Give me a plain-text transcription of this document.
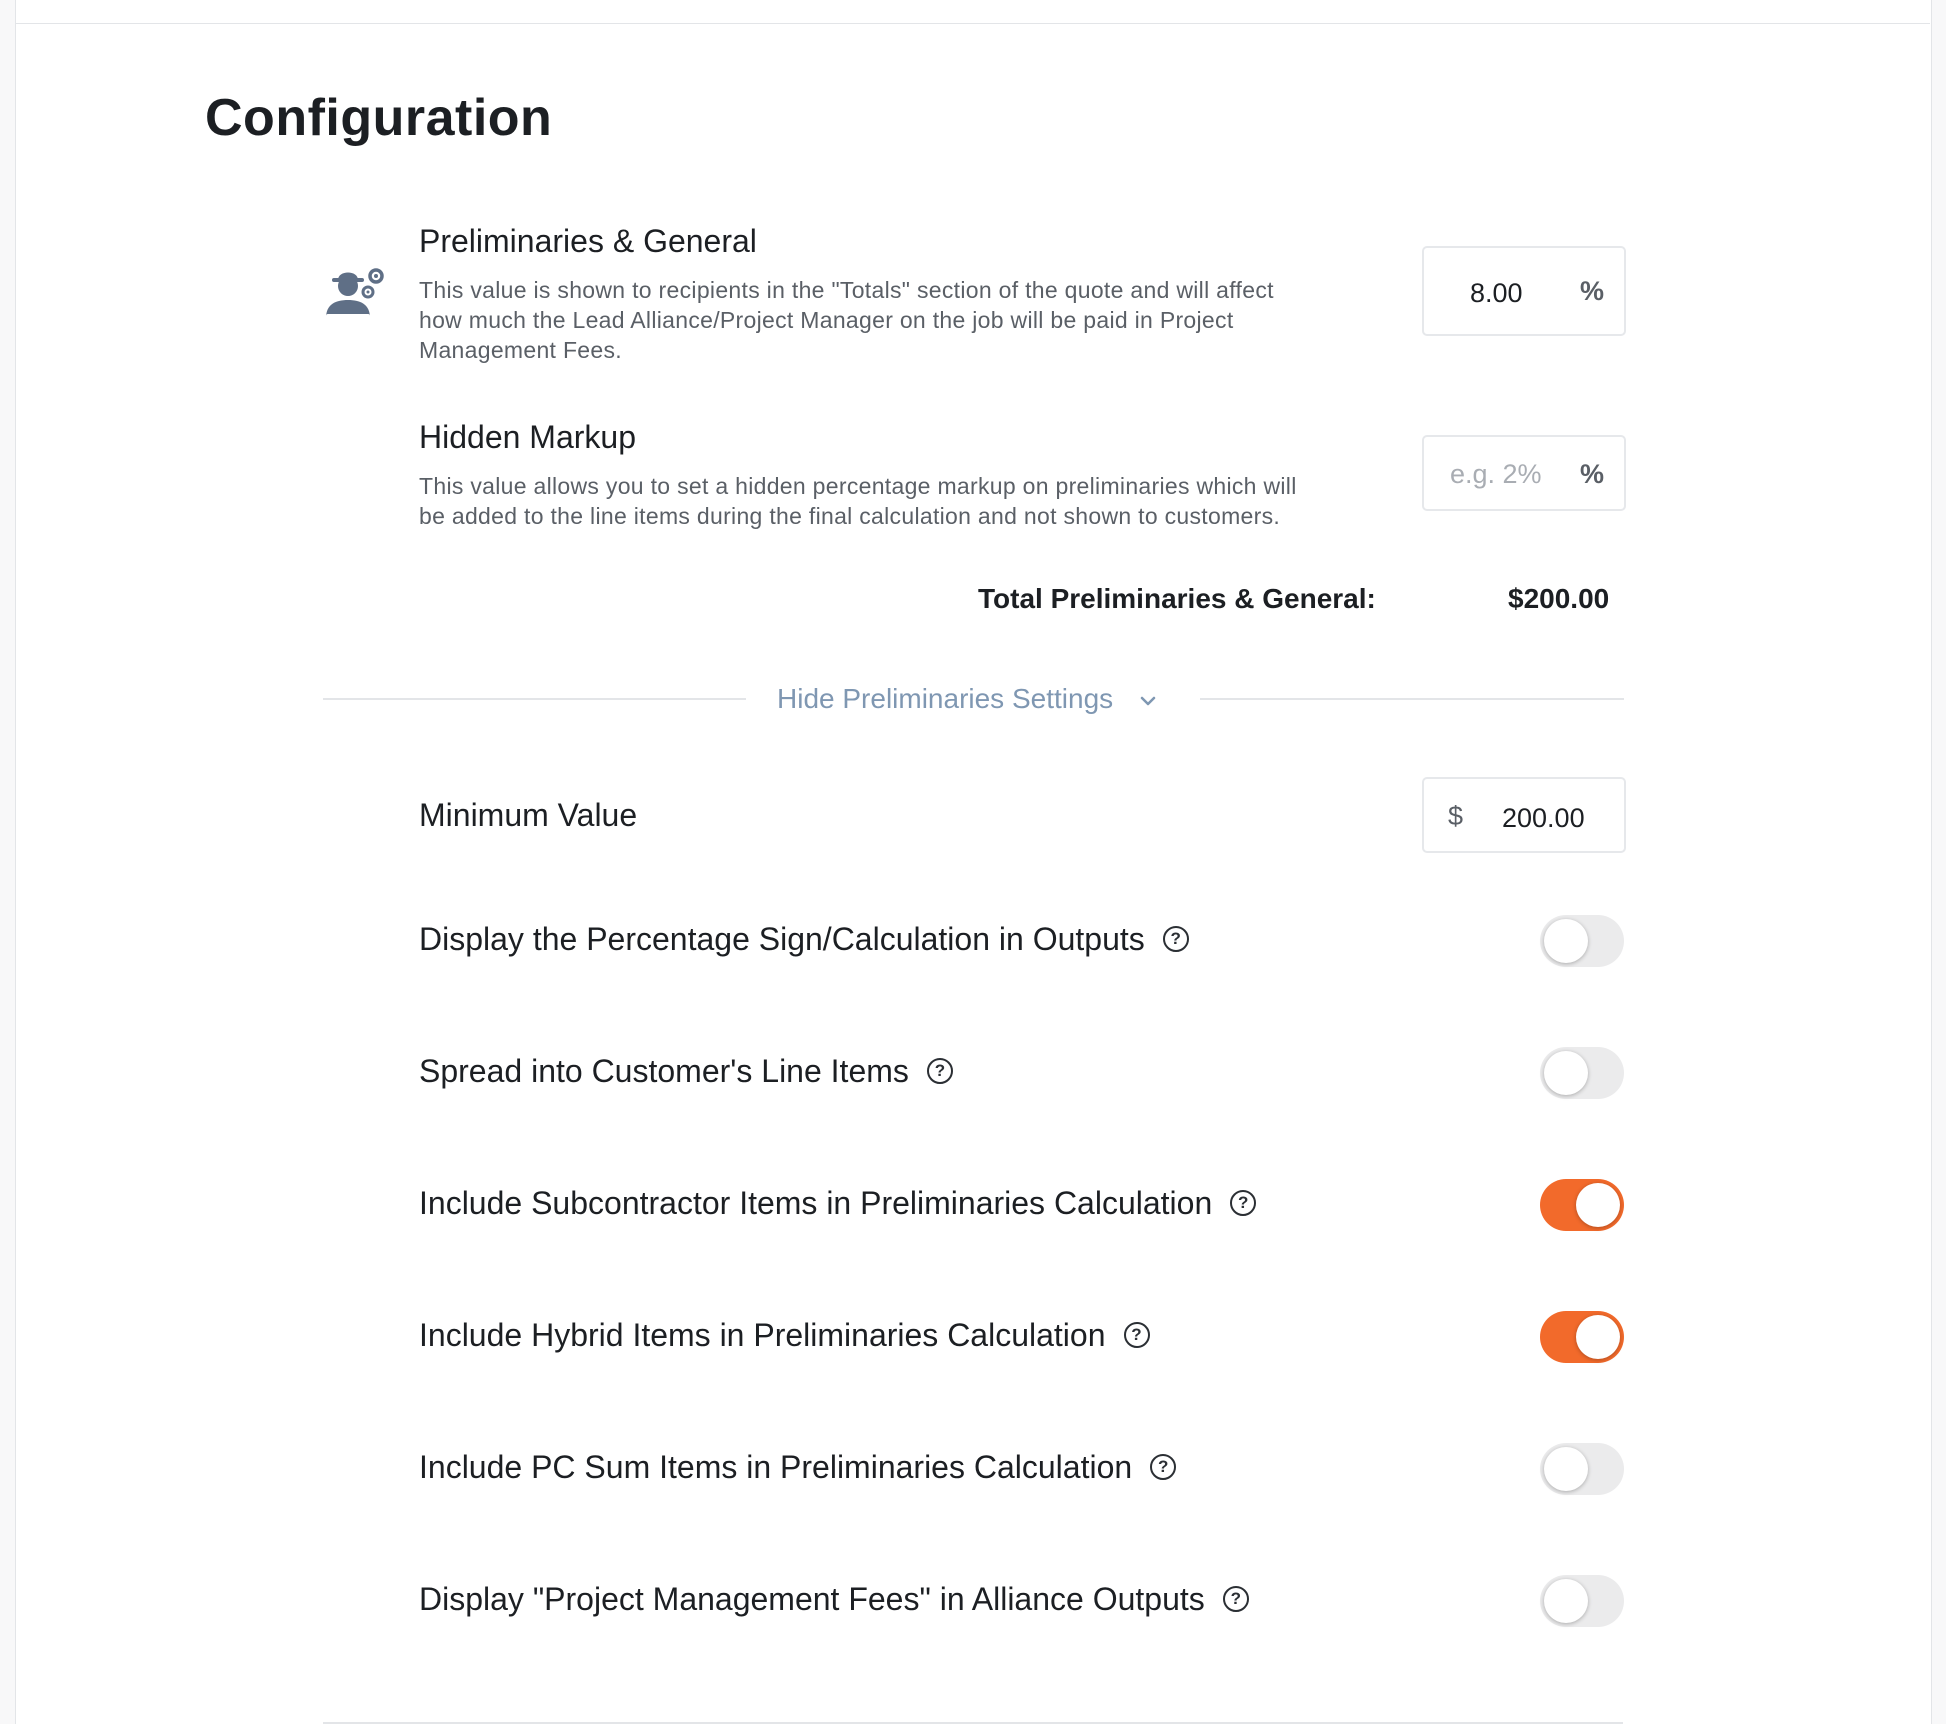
Configuration
Preliminaries & General
This value is shown to recipients in the "Totals" section of the quote and will affect
how much the Lead Alliance/Project Manager on the job will be paid in Project
Management Fees.
8.00 %
Hidden Markup
This value allows you to set a hidden percentage markup on preliminaries which will
be added to the line items during the final calculation and not shown to customers.
e.g. 2% %
Total Preliminaries & General:	$200.00
Hide Preliminaries Settings
Minimum Value	$ 200.00
Display the Percentage Sign/Calculation in Outputs ?
Spread into Customer's Line Items ?
Include Subcontractor Items in Preliminaries Calculation ?
Include Hybrid Items in Preliminaries Calculation ?
Include PC Sum Items in Preliminaries Calculation ?
Display "Project Management Fees" in Alliance Outputs ?
